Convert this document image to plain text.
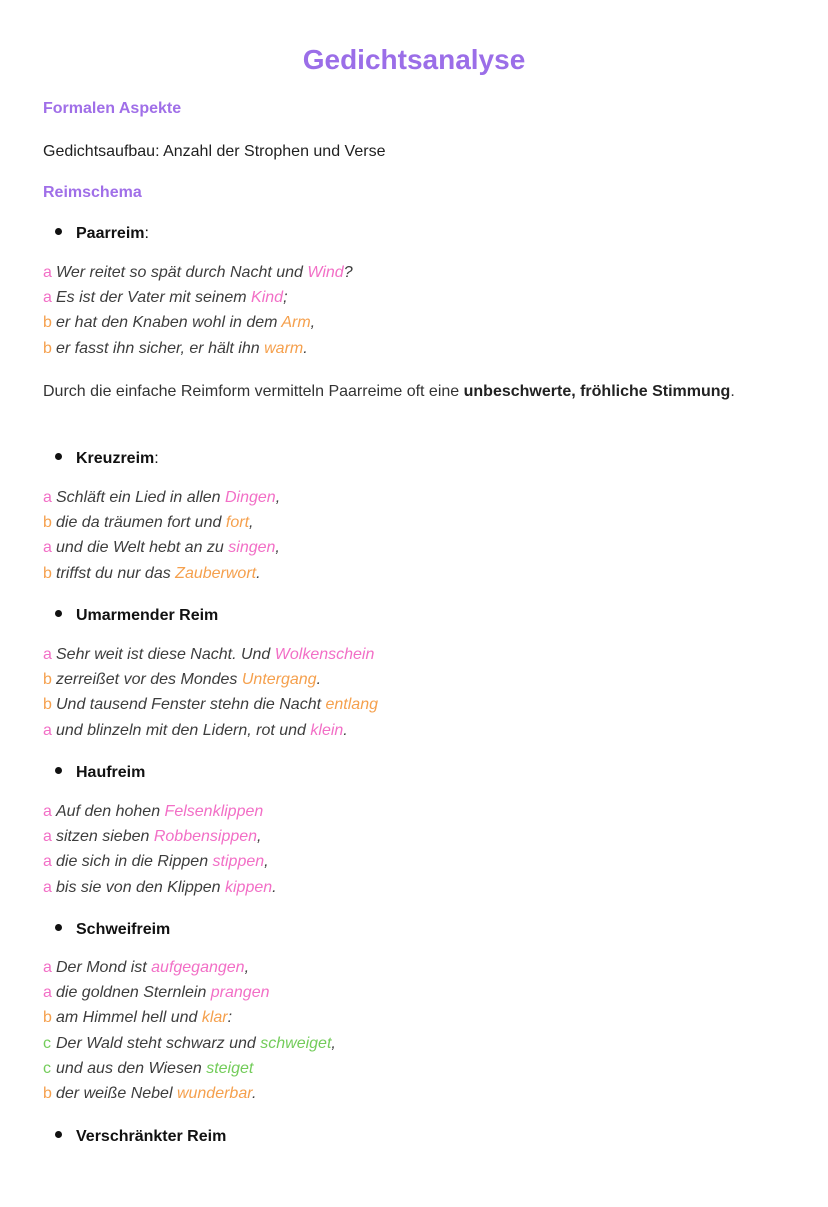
Gedichtsanalyse
Formalen Aspekte
Gedichtsaufbau: Anzahl der Strophen und Verse
Reimschema
Paarreim:
a Wer reitet so spät durch Nacht und Wind?
a Es ist der Vater mit seinem Kind;
b er hat den Knaben wohl in dem Arm,
b er fasst ihn sicher, er hält ihn warm.
Durch die einfache Reimform vermitteln Paarreime oft eine unbeschwerte, fröhliche Stimmung.
Kreuzreim:
a Schläft ein Lied in allen Dingen,
b die da träumen fort und fort,
a und die Welt hebt an zu singen,
b triffst du nur das Zauberwort.
Umarmender Reim
a Sehr weit ist diese Nacht. Und Wolkenschein
b zerreißet vor des Mondes Untergang.
b Und tausend Fenster stehn die Nacht entlang
a und blinzeln mit den Lidern, rot und klein.
Haufreim
a Auf den hohen Felsenklippen
a sitzen sieben Robbensippen,
a die sich in die Rippen stippen,
a bis sie von den Klippen kippen.
Schweifreim
a Der Mond ist aufgegangen,
a die goldnen Sternlein prangen
b am Himmel hell und klar:
c Der Wald steht schwarz und schweiget,
c und aus den Wiesen steiget
b der weiße Nebel wunderbar.
Verschränkter Reim
